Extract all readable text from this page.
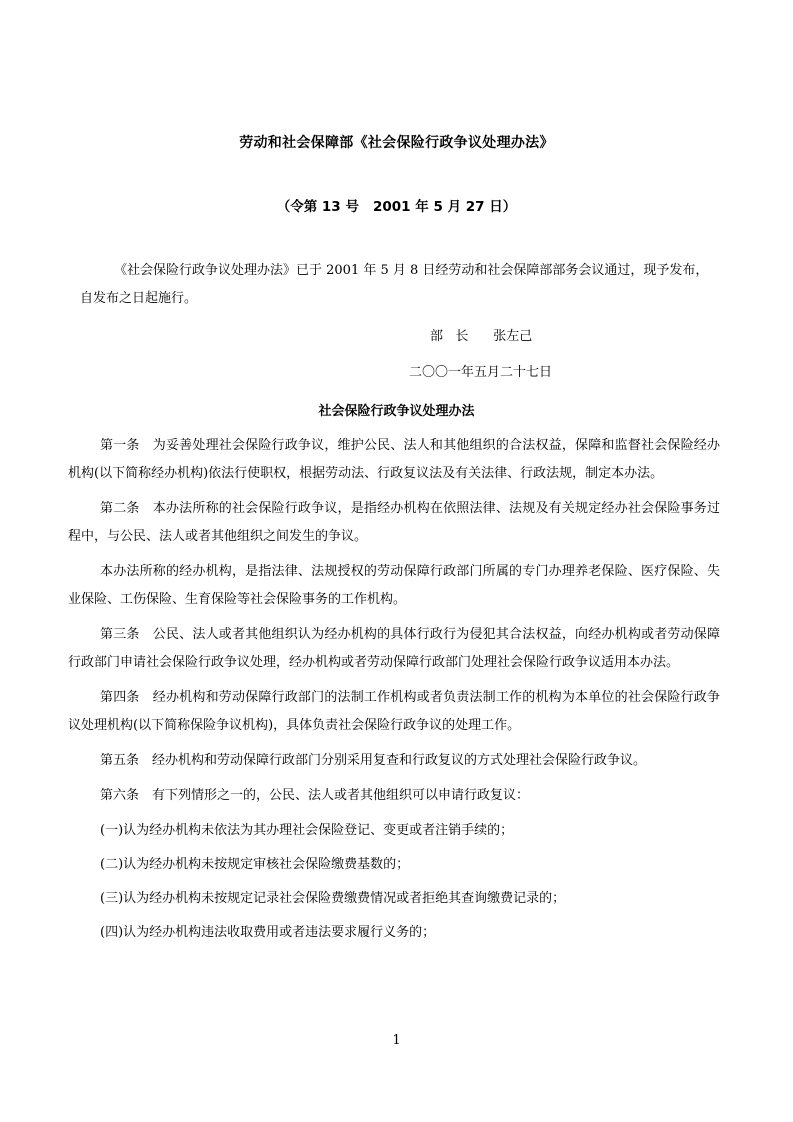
劳动和社会保障部《社会保险行政争议处理办法》
（令第 13 号   2001 年 5 月 27 日）
《社会保险行政争议处理办法》已于 2001 年 5 月 8 日经劳动和社会保障部部务会议通过，现予发布，
自发布之日起施行。
部   长      张左己
二〇〇一年五月二十七日
社会保险行政争议处理办法

第一条　为妥善处理社会保险行政争议，维护公民、法人和其他组织的合法权益，保障和监督社会保险经办机构(以下简称经办机构)依法行使职权，根据劳动法、行政复议法及有关法律、行政法规，制定本办法。

第二条　本办法所称的社会保险行政争议，是指经办机构在依照法律、法规及有关规定经办社会保险事务过程中，与公民、法人或者其他组织之间发生的争议。

本办法所称的经办机构，是指法律、法规授权的劳动保障行政部门所属的专门办理养老保险、医疗保险、失业保险、工伤保险、生育保险等社会保险事务的工作机构。

第三条　公民、法人或者其他组织认为经办机构的具体行政行为侵犯其合法权益，向经办机构或者劳动保障行政部门申请社会保险行政争议处理，经办机构或者劳动保障行政部门处理社会保险行政争议适用本办法。

第四条　经办机构和劳动保障行政部门的法制工作机构或者负责法制工作的机构为本单位的社会保险行政争议处理机构(以下简称保险争议机构)，具体负责社会保险行政争议的处理工作。

第五条　经办机构和劳动保障行政部门分别采用复查和行政复议的方式处理社会保险行政争议。

第六条　有下列情形之一的，公民、法人或者其他组织可以申请行政复议：

(一)认为经办机构未依法为其办理社会保险登记、变更或者注销手续的；

(二)认为经办机构未按规定审核社会保险缴费基数的；

(三)认为经办机构未按规定记录社会保险费缴费情况或者拒绝其查询缴费记录的；

(四)认为经办机构违法收取费用或者违法要求履行义务的；

1
